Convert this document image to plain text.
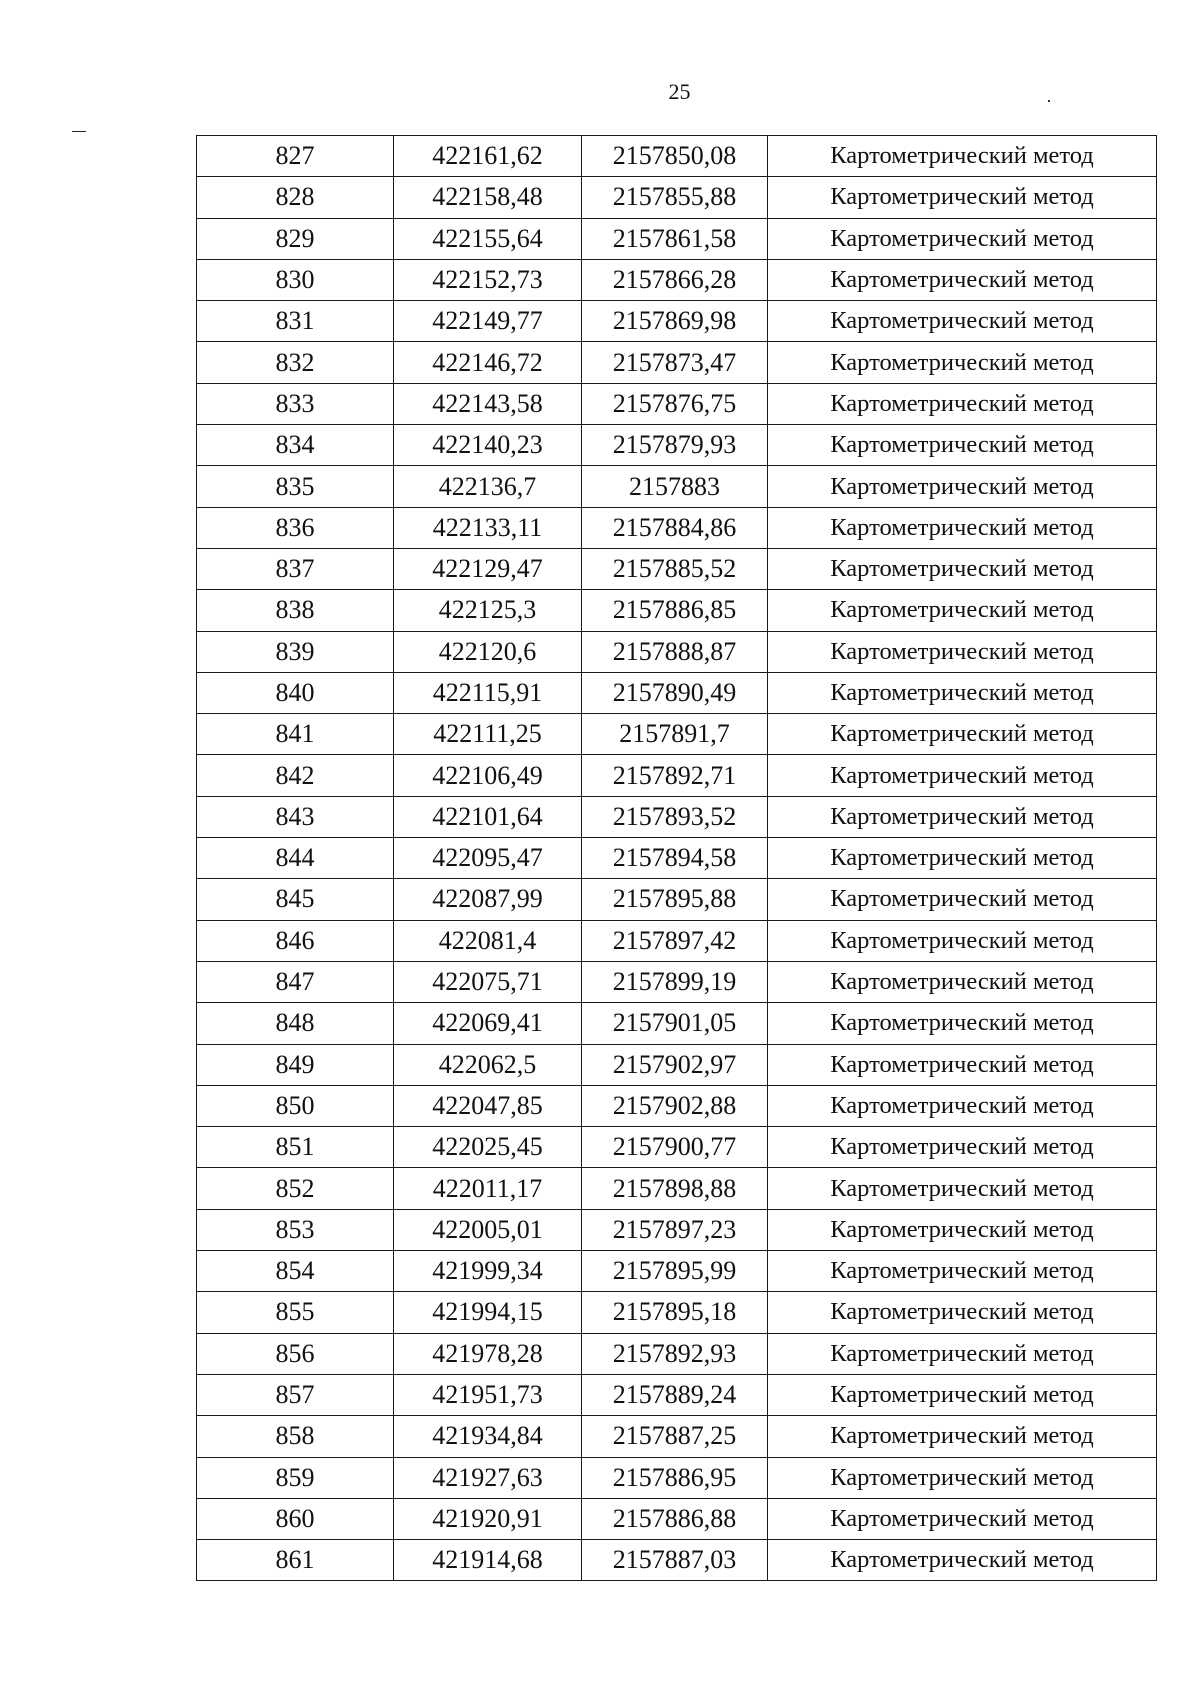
25
827	422161,62	2157850,08	Картометрический метод
828	422158,48	2157855,88	Картометрический метод
829	422155,64	2157861,58	Картометрический метод
830	422152,73	2157866,28	Картометрический метод
831	422149,77	2157869,98	Картометрический метод
832	422146,72	2157873,47	Картометрический метод
833	422143,58	2157876,75	Картометрический метод
834	422140,23	2157879,93	Картометрический метод
835	422136,7	2157883	Картометрический метод
836	422133,11	2157884,86	Картометрический метод
837	422129,47	2157885,52	Картометрический метод
838	422125,3	2157886,85	Картометрический метод
839	422120,6	2157888,87	Картометрический метод
840	422115,91	2157890,49	Картометрический метод
841	422111,25	2157891,7	Картометрический метод
842	422106,49	2157892,71	Картометрический метод
843	422101,64	2157893,52	Картометрический метод
844	422095,47	2157894,58	Картометрический метод
845	422087,99	2157895,88	Картометрический метод
846	422081,4	2157897,42	Картометрический метод
847	422075,71	2157899,19	Картометрический метод
848	422069,41	2157901,05	Картометрический метод
849	422062,5	2157902,97	Картометрический метод
850	422047,85	2157902,88	Картометрический метод
851	422025,45	2157900,77	Картометрический метод
852	422011,17	2157898,88	Картометрический метод
853	422005,01	2157897,23	Картометрический метод
854	421999,34	2157895,99	Картометрический метод
855	421994,15	2157895,18	Картометрический метод
856	421978,28	2157892,93	Картометрический метод
857	421951,73	2157889,24	Картометрический метод
858	421934,84	2157887,25	Картометрический метод
859	421927,63	2157886,95	Картометрический метод
860	421920,91	2157886,88	Картометрический метод
861	421914,68	2157887,03	Картометрический метод
